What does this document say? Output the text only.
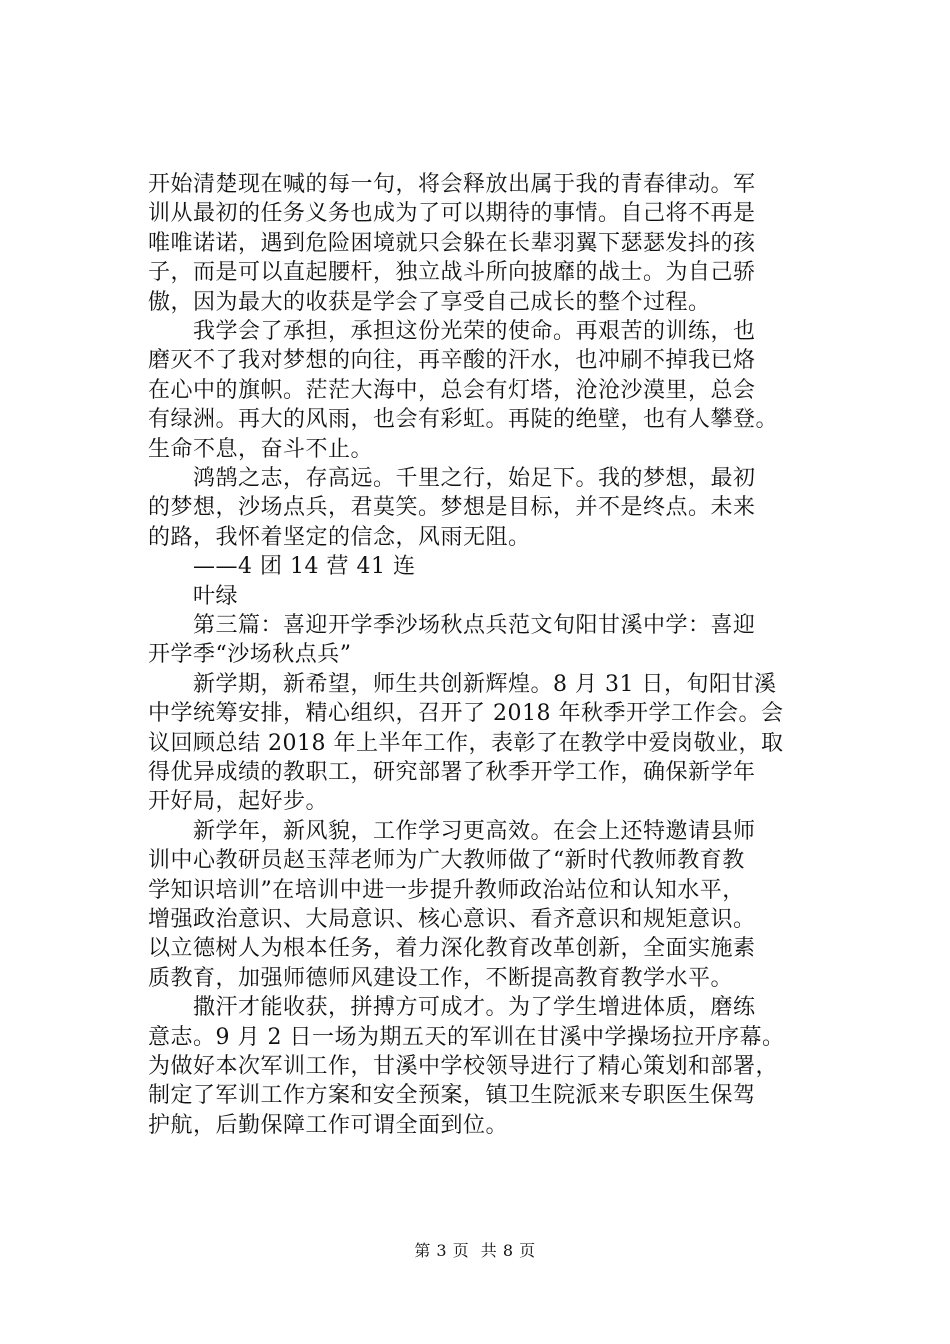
开始清楚现在喊的每一句，将会释放出属于我的青春律动。军
训从最初的任务义务也成为了可以期待的事情。自己将不再是
唯唯诺诺，遇到危险困境就只会躲在长辈羽翼下瑟瑟发抖的孩
子，而是可以直起腰杆，独立战斗所向披靡的战士。为自己骄
傲，因为最大的收获是学会了享受自己成长的整个过程。
　　我学会了承担，承担这份光荣的使命。再艰苦的训练，也
磨灭不了我对梦想的向往，再辛酸的汗水，也冲刷不掉我已烙
在心中的旗帜。茫茫大海中，总会有灯塔，沧沧沙漠里，总会
有绿洲。再大的风雨，也会有彩虹。再陡的绝壁，也有人攀登。
生命不息，奋斗不止。
　　鸿鹄之志，存高远。千里之行，始足下。我的梦想，最初
的梦想，沙场点兵，君莫笑。梦想是目标，并不是终点。未来
的路，我怀着坚定的信念，风雨无阻。
　　——4 团 14 营 41 连
　　叶绿
　　第三篇：喜迎开学季沙场秋点兵范文旬阳甘溪中学：喜迎
开学季“沙场秋点兵”
　　新学期，新希望，师生共创新辉煌。8 月 31 日，旬阳甘溪
中学统筹安排，精心组织，召开了 2018 年秋季开学工作会。会
议回顾总结 2018 年上半年工作，表彰了在教学中爱岗敬业，取
得优异成绩的教职工，研究部署了秋季开学工作，确保新学年
开好局，起好步。
　　新学年，新风貌，工作学习更高效。在会上还特邀请县师
训中心教研员赵玉萍老师为广大教师做了“新时代教师教育教
学知识培训”在培训中进一步提升教师政治站位和认知水平，
增强政治意识、大局意识、核心意识、看齐意识和规矩意识。
以立德树人为根本任务，着力深化教育改革创新，全面实施素
质教育，加强师德师风建设工作，不断提高教育教学水平。
　　撒汗才能收获，拼搏方可成才。为了学生增进体质，磨练
意志。9 月 2 日一场为期五天的军训在甘溪中学操场拉开序幕。
为做好本次军训工作，甘溪中学校领导进行了精心策划和部署，
制定了军训工作方案和安全预案，镇卫生院派来专职医生保驾
护航，后勤保障工作可谓全面到位。
第 3 页 共 8 页
